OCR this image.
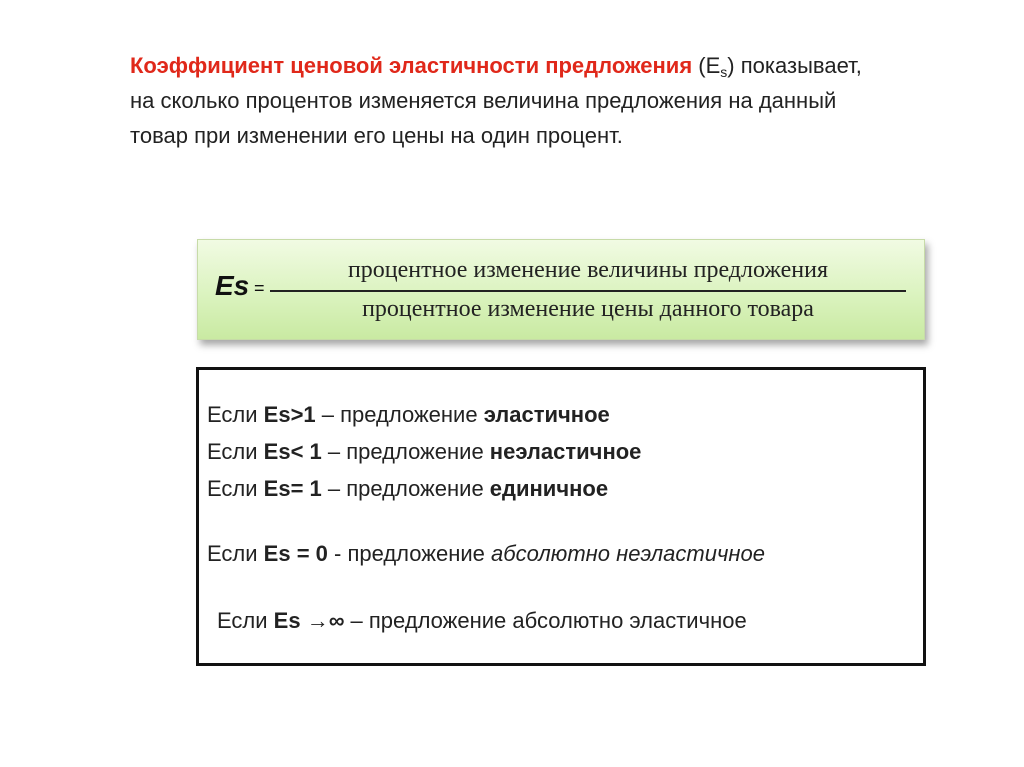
Коэффициент ценовой эластичности предложения $(E_s)$ показывает, на сколько процентов изменяется величина предложения на данный товар при изменении его цены на один процент.
Es =
процентное изменение величины предложения
процентное изменение цены данного товара
Если Es>1 – предложение эластичное
Если Es< 1 – предложение неэластичное
Если Es= 1 – предложение единичное
Если Es = 0 - предложение абсолютно неэластичное
Если Es →∞ – предложение абсолютно эластичное
